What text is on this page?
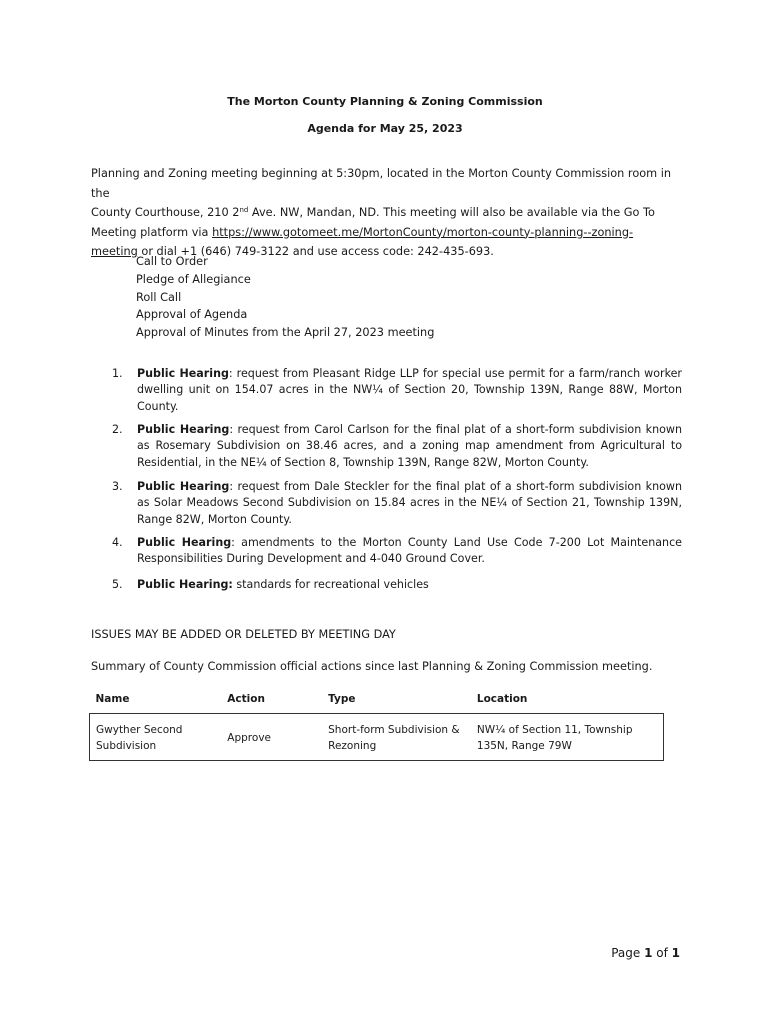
The Morton County Planning & Zoning Commission
Agenda for May 25, 2023
Planning and Zoning meeting beginning at 5:30pm, located in the Morton County Commission room in the
County Courthouse, 210 2nd Ave. NW, Mandan, ND. This meeting will also be available via the Go To
Meeting platform via https://www.gotomeet.me/MortonCounty/morton-county-planning--zoning-
meeting or dial +1 (646) 749-3122 and use access code: 242-435-693.
Call to Order
Pledge of Allegiance
Roll Call
Approval of Agenda
Approval of Minutes from the April 27, 2023 meeting
1. Public Hearing: request from Pleasant Ridge LLP for special use permit for a farm/ranch worker dwelling unit on 154.07 acres in the NW¼ of Section 20, Township 139N, Range 88W, Morton County.
2. Public Hearing: request from Carol Carlson for the final plat of a short-form subdivision known as Rosemary Subdivision on 38.46 acres, and a zoning map amendment from Agricultural to Residential, in the NE¼ of Section 8, Township 139N, Range 82W, Morton County.
3. Public Hearing: request from Dale Steckler for the final plat of a short-form subdivision known as Solar Meadows Second Subdivision on 15.84 acres in the NE¼ of Section 21, Township 139N, Range 82W, Morton County.
4. Public Hearing: amendments to the Morton County Land Use Code 7-200 Lot Maintenance Responsibilities During Development and 4-040 Ground Cover.
5. Public Hearing: standards for recreational vehicles
ISSUES MAY BE ADDED OR DELETED BY MEETING DAY
Summary of County Commission official actions since last Planning & Zoning Commission meeting.
Name	Action	Type	Location
Gwyther Second Subdivision	Approve	Short-form Subdivision & Rezoning	NW¼ of Section 11, Township 135N, Range 79W
Page 1 of 1
